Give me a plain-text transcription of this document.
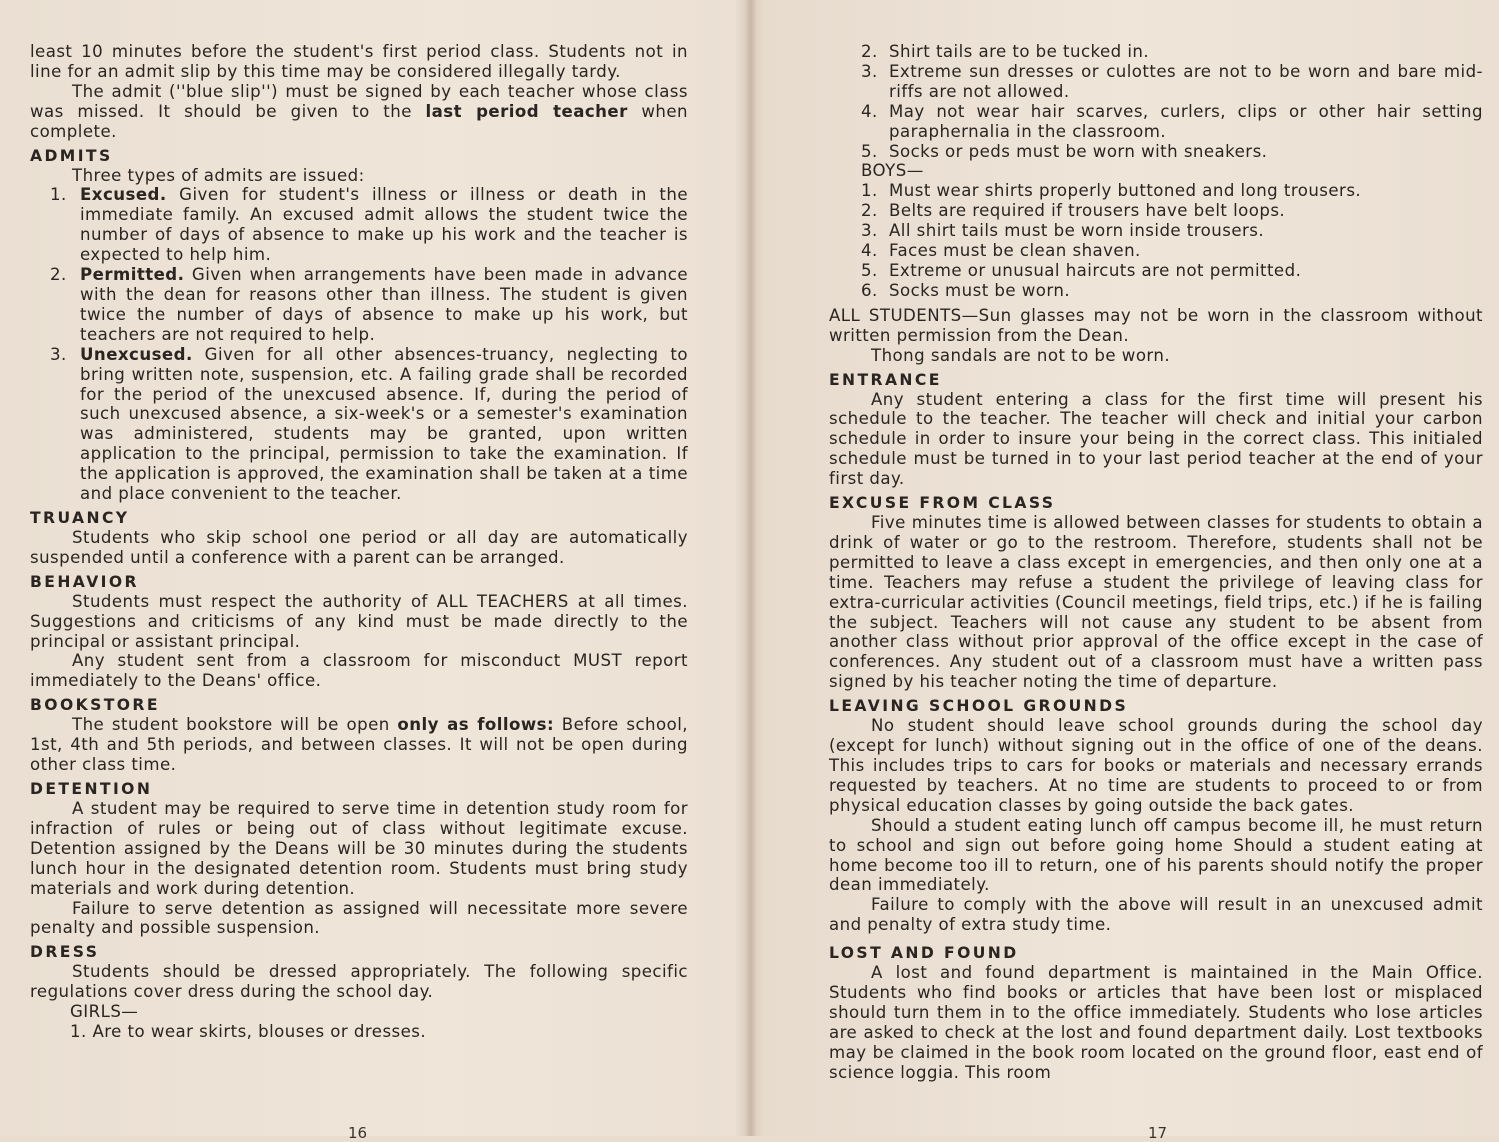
least 10 minutes before the student's first period class. Students not in line for an admit slip by this time may be considered illegally tardy.

The admit (''blue slip'') must be signed by each teacher whose class was missed. It should be given to the last period teacher when complete.

ADMITS

Three types of admits are issued:

1. Excused. Given for student's illness or illness or death in the immediate family. An excused admit allows the student twice the number of days of absence to make up his work and the teacher is expected to help him.
2. Permitted. Given when arrangements have been made in advance with the dean for reasons other than illness. The student is given twice the number of days of absence to make up his work, but teachers are not required to help.
3. Unexcused. Given for all other absences-truancy, neglecting to bring written note, suspension, etc. A failing grade shall be recorded for the period of the unexcused absence. If, during the period of such unexcused absence, a six-week's or a semester's examination was administered, students may be granted, upon written application to the principal, permission to take the examination. If the application is approved, the examination shall be taken at a time and place convenient to the teacher.
TRUANCY

Students who skip school one period or all day are automatically suspended until a conference with a parent can be arranged.

BEHAVIOR

Students must respect the authority of ALL TEACHERS at all times. Suggestions and criticisms of any kind must be made directly to the principal or assistant principal.

Any student sent from a classroom for misconduct MUST report immediately to the Deans' office.

BOOKSTORE

The student bookstore will be open only as follows: Before school, 1st, 4th and 5th periods, and between classes. It will not be open during other class time.

DETENTION

A student may be required to serve time in detention study room for infraction of rules or being out of class without legitimate excuse. Detention assigned by the Deans will be 30 minutes during the students lunch hour in the designated detention room. Students must bring study materials and work during detention.

Failure to serve detention as assigned will necessitate more severe penalty and possible suspension.

DRESS

Students should be dressed appropriately. The following specific regulations cover dress during the school day.

GIRLS—

1. Are to wear skirts, blouses or dresses.

16
2. Shirt tails are to be tucked in.
3. Extreme sun dresses or culottes are not to be worn and bare mid-riffs are not allowed.
4. May not wear hair scarves, curlers, clips or other hair setting paraphernalia in the classroom.
5. Socks or peds must be worn with sneakers.

BOYS—

1. Must wear shirts properly buttoned and long trousers.
2. Belts are required if trousers have belt loops.
3. All shirt tails must be worn inside trousers.
4. Faces must be clean shaven.
5. Extreme or unusual haircuts are not permitted.
6. Socks must be worn.

ALL STUDENTS—Sun glasses may not be worn in the classroom without written permission from the Dean.

Thong sandals are not to be worn.

ENTRANCE

Any student entering a class for the first time will present his schedule to the teacher. The teacher will check and initial your carbon schedule in order to insure your being in the correct class. This initialed schedule must be turned in to your last period teacher at the end of your first day.

EXCUSE FROM CLASS

Five minutes time is allowed between classes for students to obtain a drink of water or go to the restroom. Therefore, students shall not be permitted to leave a class except in emergencies, and then only one at a time. Teachers may refuse a student the privilege of leaving class for extra-curricular activities (Council meetings, field trips, etc.) if he is failing the subject. Teachers will not cause any student to be absent from another class without prior approval of the office except in the case of conferences. Any student out of a classroom must have a written pass signed by his teacher noting the time of departure.

LEAVING SCHOOL GROUNDS

No student should leave school grounds during the school day (except for lunch) without signing out in the office of one of the deans. This includes trips to cars for books or materials and necessary errands requested by teachers. At no time are students to proceed to or from physical education classes by going outside the back gates.

Should a student eating lunch off campus become ill, he must return to school and sign out before going home Should a student eating at home become too ill to return, one of his parents should notify the proper dean immediately.

Failure to comply with the above will result in an unexcused admit and penalty of extra study time.

LOST AND FOUND

A lost and found department is maintained in the Main Office. Students who find books or articles that have been lost or misplaced should turn them in to the office immediately. Students who lose articles are asked to check at the lost and found department daily. Lost textbooks may be claimed in the book room located on the ground floor, east end of science loggia. This room

17
